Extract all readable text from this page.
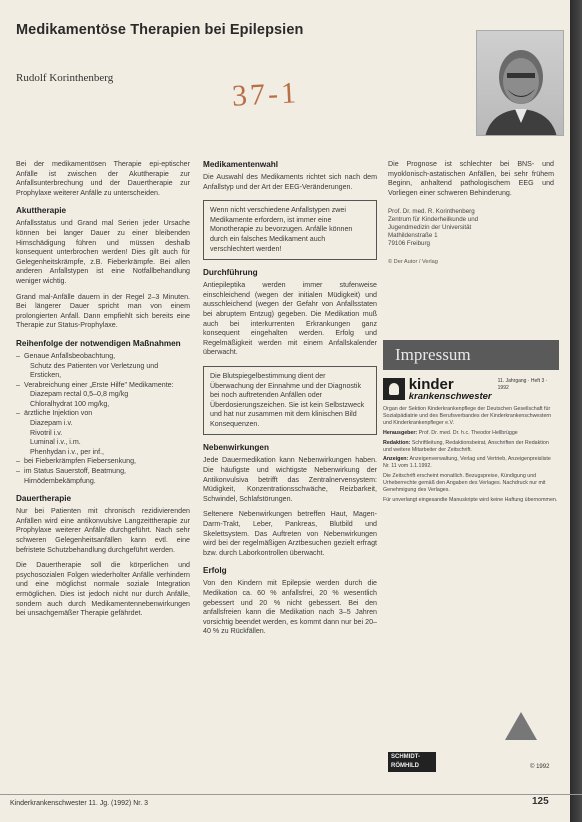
Medikamentöse Therapien bei Epilepsien
Rudolf Korinthenberg	37-1

Bei der medikamentösen Therapie epi-eptischer Anfälle ist zwischen der Akuttherapie zur Anfallsunterbrechung und der Dauertherapie zur Prophylaxe weiterer Anfälle zu unterscheiden.

Akuttherapie

Anfallsstatus und Grand mal Serien jeder Ursache können bei langer Dauer zu einer bleibenden Hirnschädigung führen und müssen deshalb konsequent unterbrochen werden! Dies gilt auch für Gelegenheitskrämpfe, z.B. Fieberkrämpfe. Bei allen anderen Anfallstypen ist eine Notfallbehandlung weniger wichtig.

Grand mal-Anfälle dauern in der Regel 2–3 Minuten. Bei längerer Dauer spricht man von einem prolongierten Anfall. Dann empfiehlt sich bereits eine Therapie zur Status-Prophylaxe.

Reihenfolge der notwendigen Maßnahmen
– Genaue Anfallsbeobachtung,
Schutz des Patienten vor Verletzung und Ersticken,
– Verabreichung einer „Erste Hilfe" Medikamente:
Diazepam rectal 0,5–0,8 mg/kg
Chloralhydrat 100 mg/kg,
– ärztliche Injektion von
Diazepam i.v.
Rivotril i.v.
Luminal i.v., i.m.
Phenhydan i.v., per inf.,
– bei Fieberkrämpfen Fiebersenkung,
– im Status Sauerstoff, Beatmung, Hirnödembekämpfung.
Dauertherapie

Nur bei Patienten mit chronisch rezidivierenden Anfällen wird eine antikonvulsive Langzeittherapie zur Prophylaxe weiterer Anfälle durchgeführt. Nach sehr schweren Gelegenheitsanfällen kann evtl. eine befristete Schutzbehandlung durchgeführt werden.

Die Dauertherapie soll die körperlichen und psychosozialen Folgen wiederholter Anfälle verhindern und eine möglichst normale soziale Integration ermöglichen. Dies ist jedoch nicht nur durch Anfälle, sondern auch durch Medikamentennebenwirkungen bei unsachgemäßer Therapie gefährdet.

Medikamentenwahl

Die Auswahl des Medikaments richtet sich nach dem Anfallstyp und der Art der EEG-Veränderungen.

Wenn nicht verschiedene Anfallstypen zwei Medikamente erfordern, ist immer eine Monotherapie zu bevorzugen. Anfälle können durch ein falsches Medikament auch verschlechtert werden!
Durchführung

Antiepileptika werden immer stufenweise einschleichend (wegen der initialen Müdigkeit) und ausschleichend (wegen der Gefahr von Anfallsstaten bei abruptem Entzug) gegeben. Die Medikation muß auch bei interkurrenten Erkrankungen ganz konsequent eingehalten werden. Erfolg und Regelmäßigkeit werden mit einem Anfallskalender überwacht.

Die Blutspiegelbestimmung dient der Überwachung der Einnahme und der Diagnostik bei noch auftretenden Anfällen oder Überdosierungszeichen. Sie ist kein Selbstzweck und hat nur zusammen mit dem klinischen Bild Konsequenzen.
Nebenwirkungen

Jede Dauermedikation kann Nebenwirkungen haben. Die häufigste und wichtigste Nebenwirkung der Antikonvulsiva betrifft das Zentralnervensystem: Müdigkeit, Konzentrationsschwäche, Reizbarkeit, Schwindel, Schlafstörungen.

Seltenere Nebenwirkungen betreffen Haut, Magen-Darm-Trakt, Leber, Pankreas, Blutbild und Skelettsystem. Das Auftreten von Nebenwirkungen wird bei der regelmäßigen Arztbesuchen gezielt erfragt bzw. durch Laborkontrollen überwacht.

Erfolg

Von den Kindern mit Epilepsie werden durch die Medikation ca. 60 % anfallsfrei, 20 % wesentlich gebessert und 20 % nicht gebessert. Bei den anfallsfreien kann die Medikation nach 3–5 Jahren vorsichtig beendet werden, es kommt dann nur bei 20–40 % zu Rückfällen.

Die Prognose ist schlechter bei BNS- und myoklonisch-astatischen Anfällen, bei sehr frühem Beginn, anhaltend pathologischem EEG und Vorliegen einer schweren Behinderung.

Prof. Dr. med. R. Korinthenberg
Zentrum für Kinderheilkunde und
Jugendmedizin der Universität
Mathildenstraße 1
79106 Freiburg
© Der Autor / Verlag
Impressum
kinder
krankenschwester
11. Jahrgang · Heft 3 · 1992

Organ der Sektion Kinderkrankenpflege der Deutschen Gesellschaft für Sozialpädiatrie und des Berufsverbandes der Kinderkrankenschwestern und Kinderkrankenpfleger e.V.

Herausgeber: Prof. Dr. med. Dr. h.c. Theodor Hellbrügge

Redaktion: Schriftleitung, Redaktionsbeirat, Anschriften der Redaktion und weitere Mitarbeiter der Zeitschrift.

Anzeigen: Anzeigenverwaltung, Verlag und Vertrieb, Anzeigenpreisliste Nr. 11 vom 1.1.1992.

Die Zeitschrift erscheint monatlich. Bezugspreise, Kündigung und Urheberrechte gemäß den Angaben des Verlages. Nachdruck nur mit Genehmigung des Verlages.

Für unverlangt eingesandte Manuskripte wird keine Haftung übernommen.

SCHMIDT-RÖMHILD	© 1992
Kinderkrankenschwester 11. Jg. (1992) Nr. 3	125
